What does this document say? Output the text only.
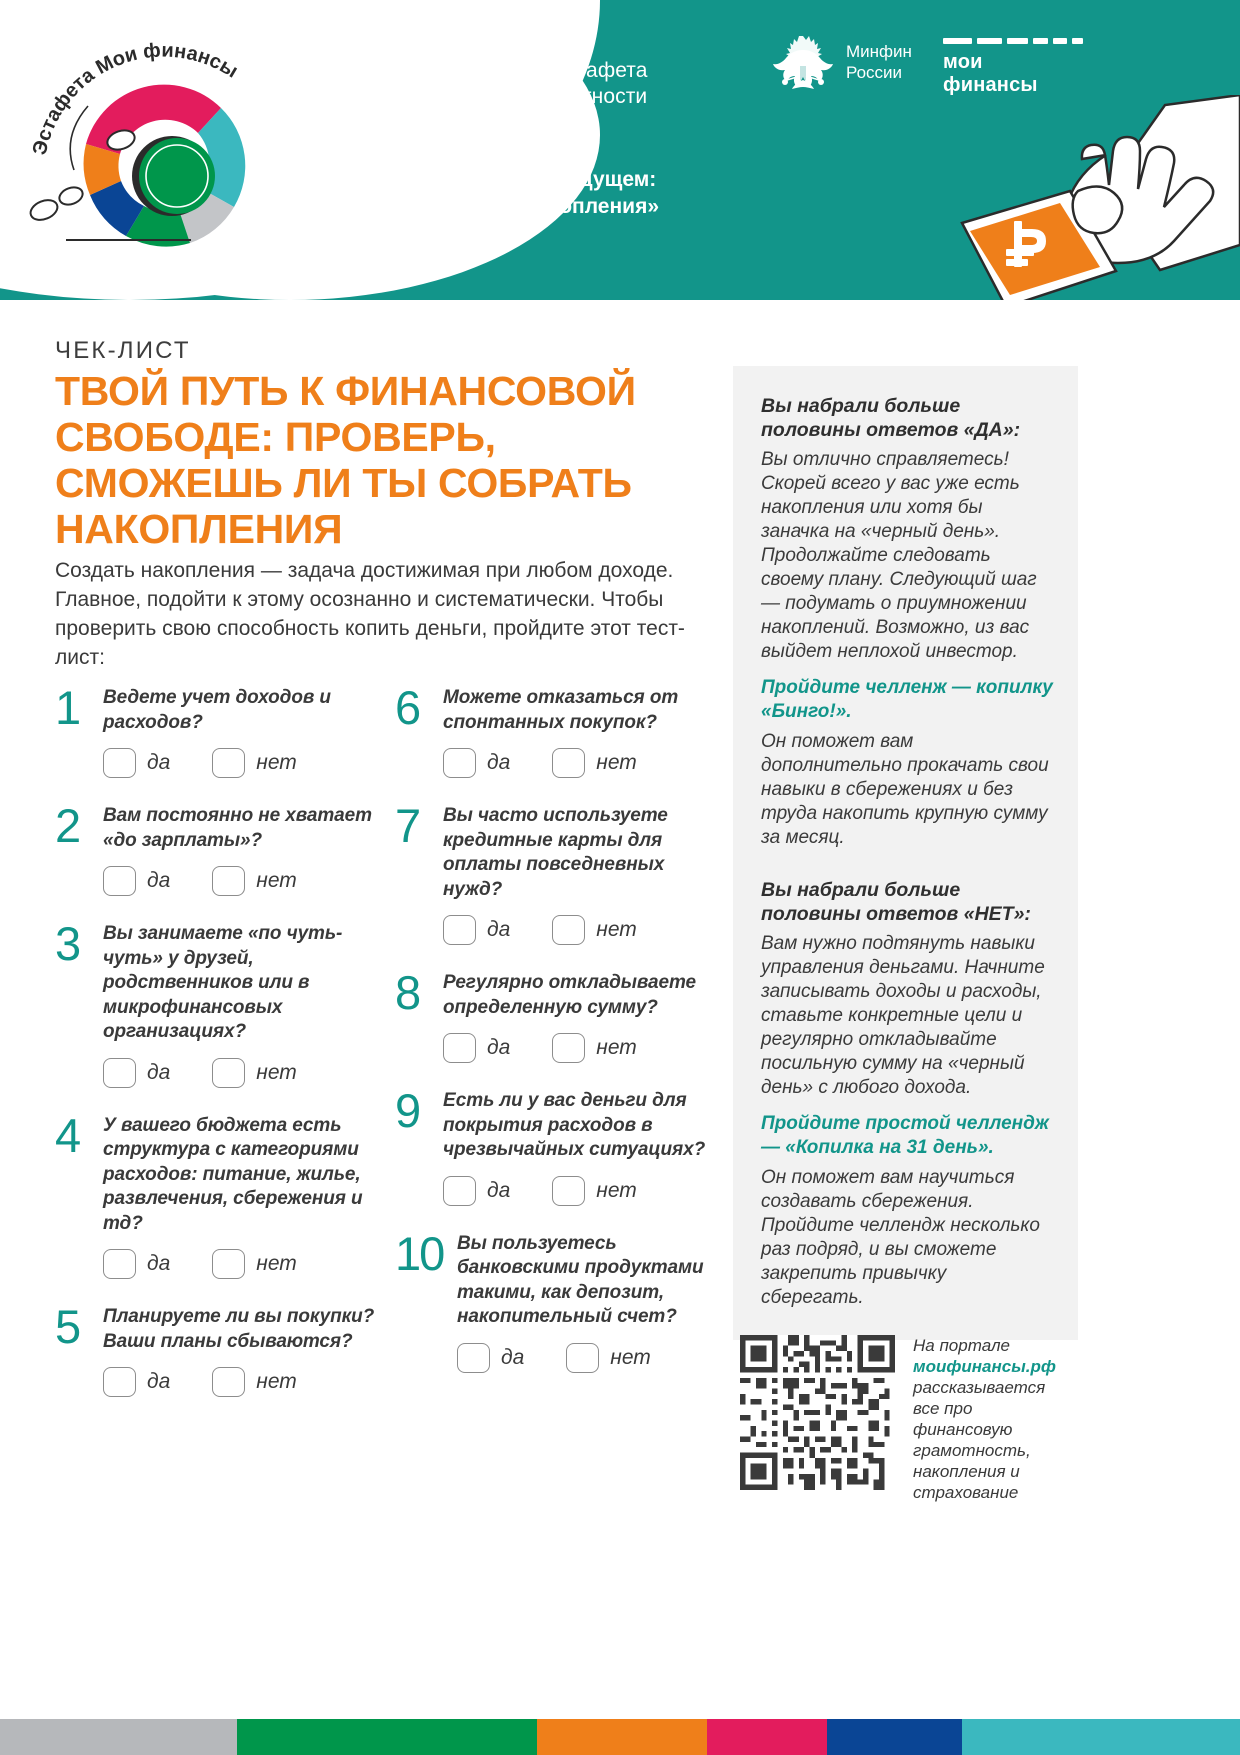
Эстафета Мои финансы
Всероссийская
просветительская Эстафета
по финансовой грамотности
«Мои финансы»
Этап VI: «Думай о будущем:
страхование и накопления»
Минфин
России	мои финансы
ЧЕК-ЛИСТ
ТВОЙ ПУТЬ К ФИНАНСОВОЙ СВОБОДЕ: ПРОВЕРЬ, СМОЖЕШЬ ЛИ ТЫ СОБРАТЬ НАКОПЛЕНИЯ
Создать накопления — задача достижимая при любом доходе. Главное, подойти к этому осознанно и систематически. Чтобы проверить свою способность копить деньги, пройдите этот тест-лист:
1	Ведете учет доходов и расходов?
да	нет
2	Вам постоянно не хватает «до зарплаты»?
да	нет
3	Вы занимаете «по чуть-чуть» у друзей, родственников или в микрофинансовых организациях?
да	нет
4	У вашего бюджета есть структура с категориями расходов: питание, жилье, развлечения, сбережения и тд?
да	нет
5	Планируете ли вы покупки? Ваши планы сбываются?
да	нет
6	Можете отказаться от спонтанных покупок?
да	нет
7	Вы часто используете кредитные карты для оплаты повседневных нужд?
да	нет
8	Регулярно откладываете определенную сумму?
да	нет
9	Есть ли у вас деньги для покрытия расходов в чрезвычайных ситуациях?
да	нет
10 Вы пользуетесь банковскими продуктами такими, как депозит, накопительный счет?
да	нет
Вы набрали больше половины ответов «ДА»:
Вы отлично справляетесь! Скорей всего у вас уже есть накопления или хотя бы заначка на «черный день». Продолжайте следовать своему плану. Следующий шаг — подумать о приумножении накоплений. Возможно, из вас выйдет неплохой инвестор.
Пройдите челленж — копилку «Бинго!».
Он поможет вам дополнительно прокачать свои навыки в сбережениях и без труда накопить крупную сумму за месяц.
Вы набрали больше половины ответов «НЕТ»:
Вам нужно подтянуть навыки управления деньгами. Начните записывать доходы и расходы, ставьте конкретные цели и регулярно откладывайте посильную сумму на «черный день» с любого дохода.
Пройдите простой челлендж — «Копилка на 31 день».
Он поможет вам научиться создавать сбережения. Пройдите челлендж несколько раз подряд, и вы сможете закрепить привычку сберегать.
На портале моифинансы.рф рассказывается все про финансовую грамотность, накопления и страхование
